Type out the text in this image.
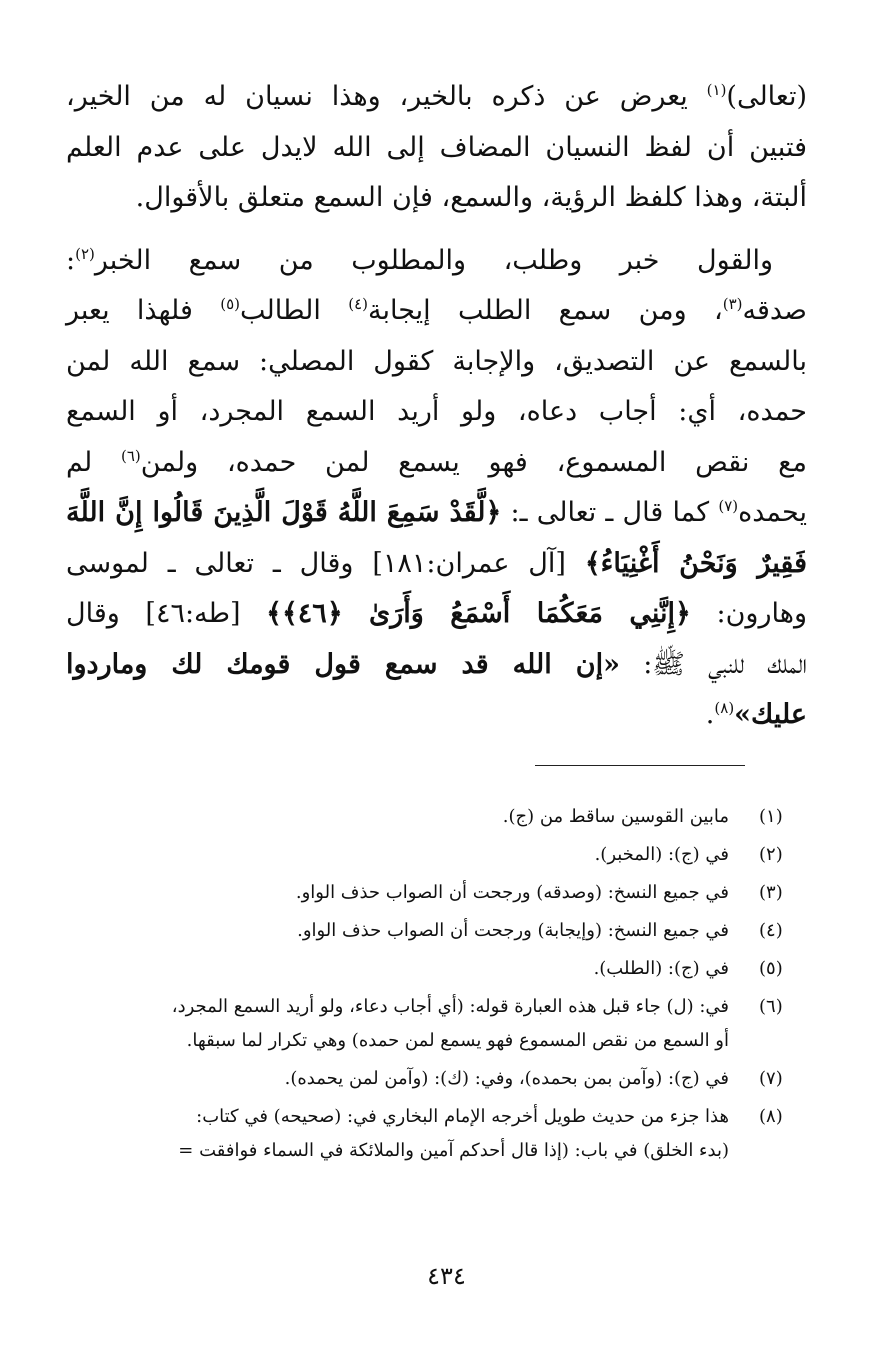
(تعالى)$^{(١)}$ يعرض عن ذكره بالخير، وهذا نسيان له من الخير،
فتبين أن لفظ النسيان المضاف إلى الله لايدل على عدم العلم
ألبتة، وهذا كلفظ الرؤية، والسمع، فإن السمع متعلق بالأقوال.
والقول خبر وطلب، والمطلوب من سمع الخبر$^{(٢)}$:
صدقه$^{(٣)}$، ومن سمع الطلب إيجابة$^{(٤)}$ الطالب$^{(٥)}$ فلهذا يعبر
بالسمع عن التصديق، والإجابة كقول المصلي: سمع الله لمن
حمده، أي: أجاب دعاه، ولو أريد السمع المجرد، أو السمع
مع نقص المسموع، فهو يسمع لمن حمده، ولمن$^{(٦)}$ لم
يحمده$^{(٧)}$ كما قال ـ تعالى ـ: ﴿لَّقَدْ سَمِعَ اللَّهُ قَوْلَ الَّذِينَ قَالُوا إِنَّ اللَّهَ
فَقِيرٌ وَنَحْنُ أَغْنِيَاءُ﴾ [آل عمران:١٨١] وقال ـ تعالى ـ لموسى
وهارون: ﴿إِنَّنِي مَعَكُمَا أَسْمَعُ وَأَرَىٰ ﴿٤٦﴾﴾ [طه:٤٦] وقال
الملك للنبي ﷺ: «إن الله قد سمع قول قومك لك وماردوا
عليك»$^{(٨)}$.
(١)
مابين القوسين ساقط من (ج).
(٢)
في (ج): (المخبر).
(٣)
في جميع النسخ: (وصدقه) ورجحت أن الصواب حذف الواو.
(٤)
في جميع النسخ: (وإيجابة) ورجحت أن الصواب حذف الواو.
(٥)
في (ج): (الطلب).
(٦)
في: (ل) جاء قبل هذه العبارة قوله: (أي أجاب دعاء، ولو أريد السمع المجرد،
أو السمع من نقص المسموع فهو يسمع لمن حمده) وهي تكرار لما سبقها.
(٧)
في (ج): (وآمن بمن بحمده)، وفي: (ك): (وآمن لمن يحمده).
(٨)
هذا جزء من حديث طويل أخرجه الإمام البخاري في: (صحيحه) في كتاب:
(بدء الخلق) في باب: (إذا قال أحدكم آمين والملائكة في السماء فوافقت =
٤٣٤
